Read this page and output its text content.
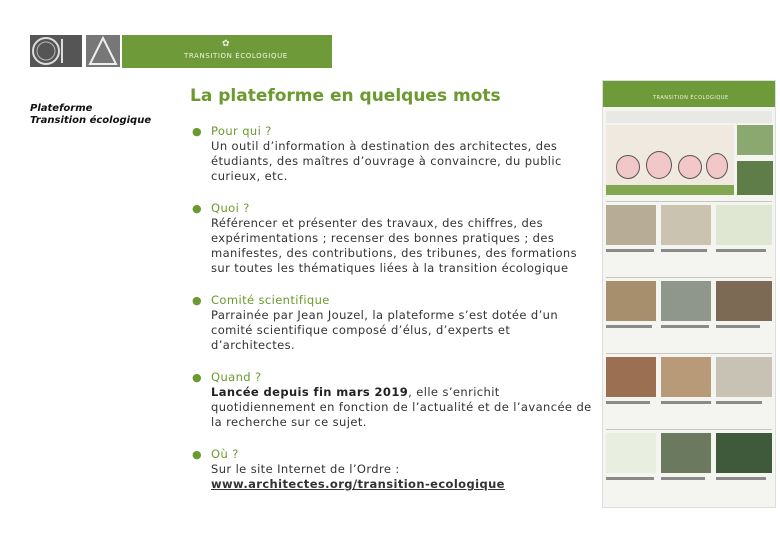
✿
TRANSITION ÉCOLOGIQUE
Plateforme
Transition écologique
La plateforme en quelques mots
● Pour qui ?
Un outil d’information à destination des architectes, des étudiants, des maîtres d’ouvrage à convaincre, du public curieux, etc.
● Quoi ?
Référencer et présenter des travaux, des chiffres, des expérimentations ; recenser des bonnes pratiques ; des manifestes, des contributions, des tribunes, des formations sur toutes les thématiques liées à la transition écologique
● Comité scientifique
Parrainée par Jean Jouzel, la plateforme s’est dotée d’un comité scientifique composé d’élus, d’experts et d’architectes.
● Quand ?
Lancée depuis fin mars 2019, elle s’enrichit quotidiennement en fonction de l’actualité et de l’avancée de la recherche sur ce sujet.
● Où ?
Sur le site Internet de l’Ordre :
www.architectes.org/transition-ecologique
TRANSITION ÉCOLOGIQUE
